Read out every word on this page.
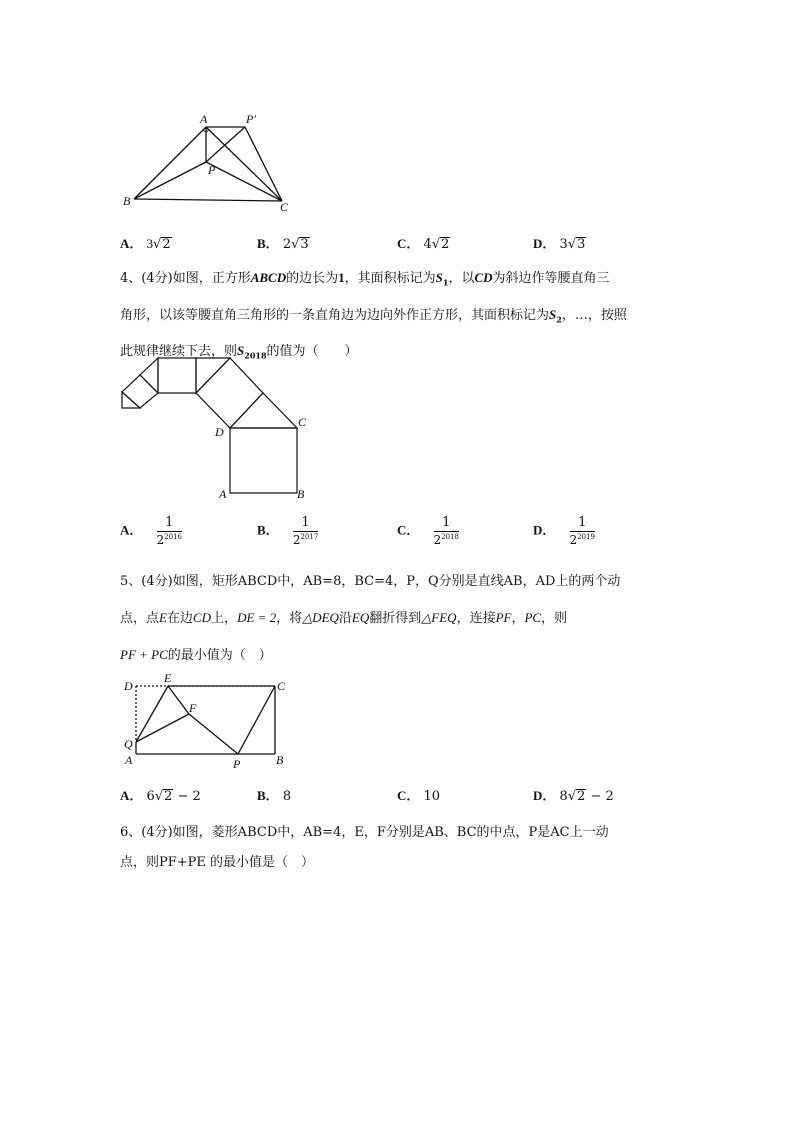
A	P′
P
B	C
A． 3√2	B． 2√3	C． 4√2	D． 3√3
4、(4分)如图，正方形ABCD的边长为1，其面积标记为$S_1$，以CD为斜边作等腰直角三
角形，以该等腰直角三角形的一条直角边为边向外作正方形，其面积标记为$S_2$，…，按照
此规律继续下去，则$S_{2018}$的值为（　　）
D
C
A	B
A． $\frac{1}{2^{2016}}$	B． $\frac{1}{2^{2017}}$	C． $\frac{1}{2^{2018}}$	D． $\frac{1}{2^{2019}}$
5、(4分)如图，矩形ABCD中，AB=8，BC=4，P，Q分别是直线AB，AD上的两个动
点，点E在边CD上，DE = 2，将△DEQ沿EQ翻折得到△FEQ，连接PF，PC，则
PF + PC的最小值为（　）
D
E
C
F
Q
A	P	B
A． 6√2 − 2	B． 8	C． 10	D． 8√2 − 2
6、(4分)如图，菱形ABCD中，AB=4，E，F分别是AB、BC的中点，P是AC上一动
点，则PF+PE 的最小值是（　）
